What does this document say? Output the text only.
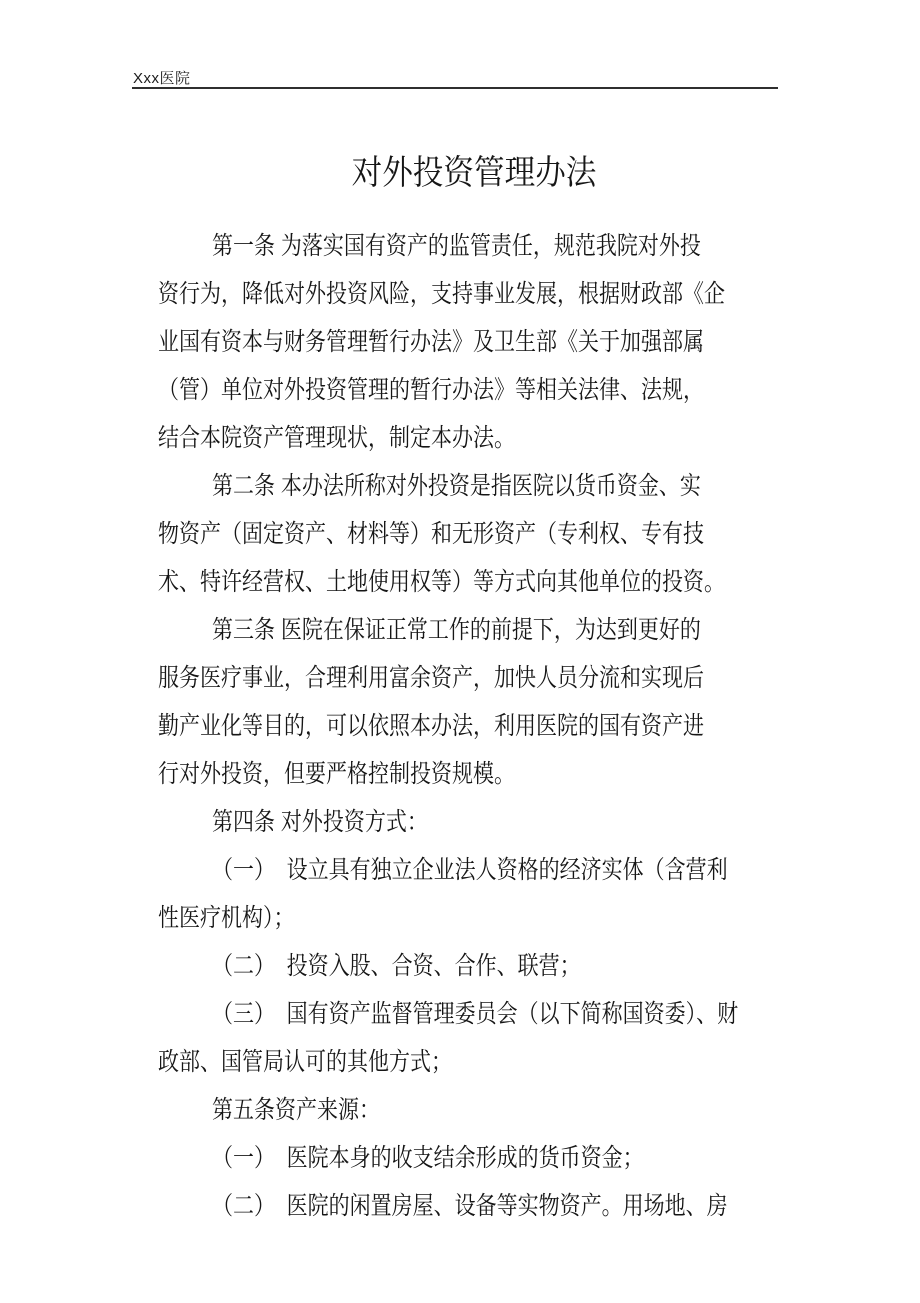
Xxx医院

对外投资管理办法

第一条 为落实国有资产的监管责任，规范我院对外投

资行为，降低对外投资风险，支持事业发展，根据财政部《企

业国有资本与财务管理暂行办法》及卫生部《关于加强部属

（管）单位对外投资管理的暂行办法》等相关法律、法规，

结合本院资产管理现状，制定本办法。

第二条 本办法所称对外投资是指医院以货币资金、实

物资产（固定资产、材料等）和无形资产（专利权、专有技

术、特许经营权、土地使用权等）等方式向其他单位的投资。

第三条 医院在保证正常工作的前提下，为达到更好的

服务医疗事业，合理利用富余资产，加快人员分流和实现后

勤产业化等目的，可以依照本办法，利用医院的国有资产进

行对外投资，但要严格控制投资规模。

第四条 对外投资方式：

（一）  设立具有独立企业法人资格的经济实体（含营利

性医疗机构）；

（二）  投资入股、合资、合作、联营；

（三）  国有资产监督管理委员会（以下简称国资委）、财

政部、国管局认可的其他方式；

第五条资产来源：

（一）  医院本身的收支结余形成的货币资金；

（二）  医院的闲置房屋、设备等实物资产。用场地、房
